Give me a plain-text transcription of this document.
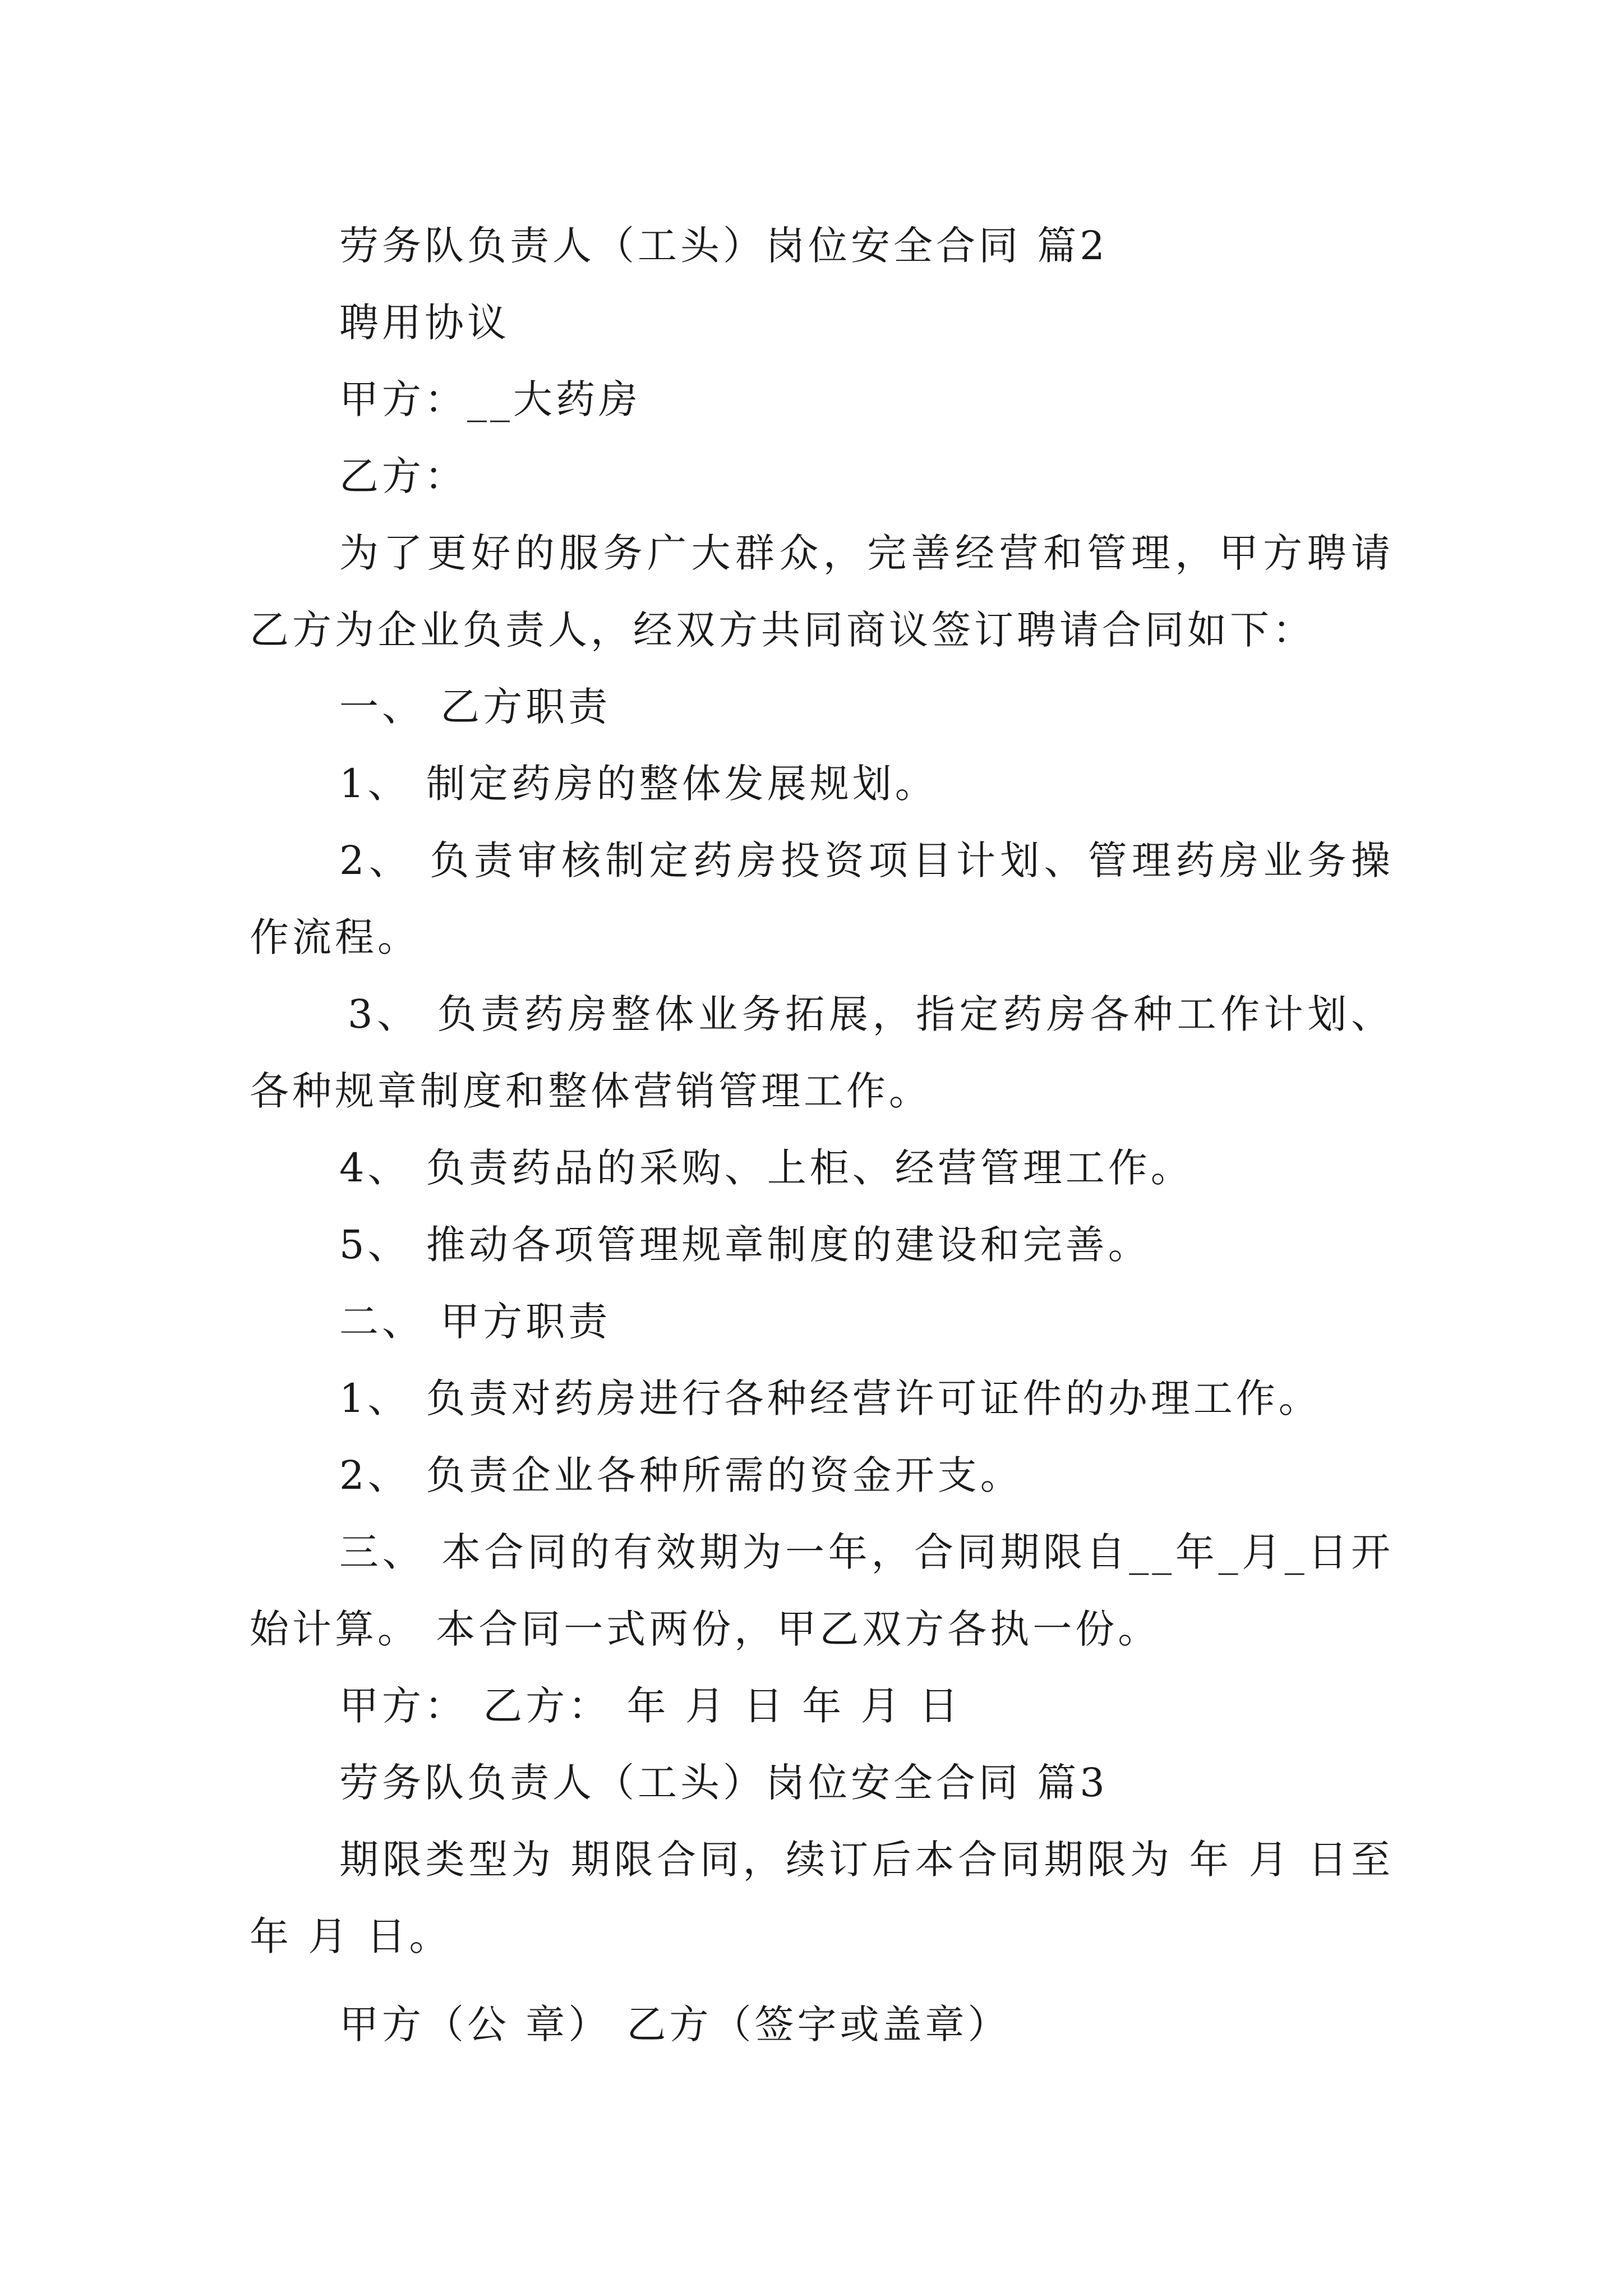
劳务队负责人（工头）岗位安全合同 篇2
聘用协议
甲方：__大药房
乙方：
为了更好的服务广大群众，完善经营和管理，甲方聘请乙方为企业负责人，经双方共同商议签订聘请合同如下：
一、 乙方职责
1、 制定药房的整体发展规划。
2、 负责审核制定药房投资项目计划、管理药房业务操作流程。
3、 负责药房整体业务拓展，指定药房各种工作计划、各种规章制度和整体营销管理工作。
4、 负责药品的采购、上柜、经营管理工作。
5、 推动各项管理规章制度的建设和完善。
二、 甲方职责
1、 负责对药房进行各种经营许可证件的办理工作。
2、 负责企业各种所需的资金开支。
三、 本合同的有效期为一年，合同期限自__年_月_日开始计算。 本合同一式两份，甲乙双方各执一份。
甲方： 乙方： 年 月 日 年 月 日
劳务队负责人（工头）岗位安全合同 篇3
期限类型为 期限合同，续订后本合同期限为 年 月 日至 年 月 日。
甲方（公 章） 乙方（签字或盖章）
